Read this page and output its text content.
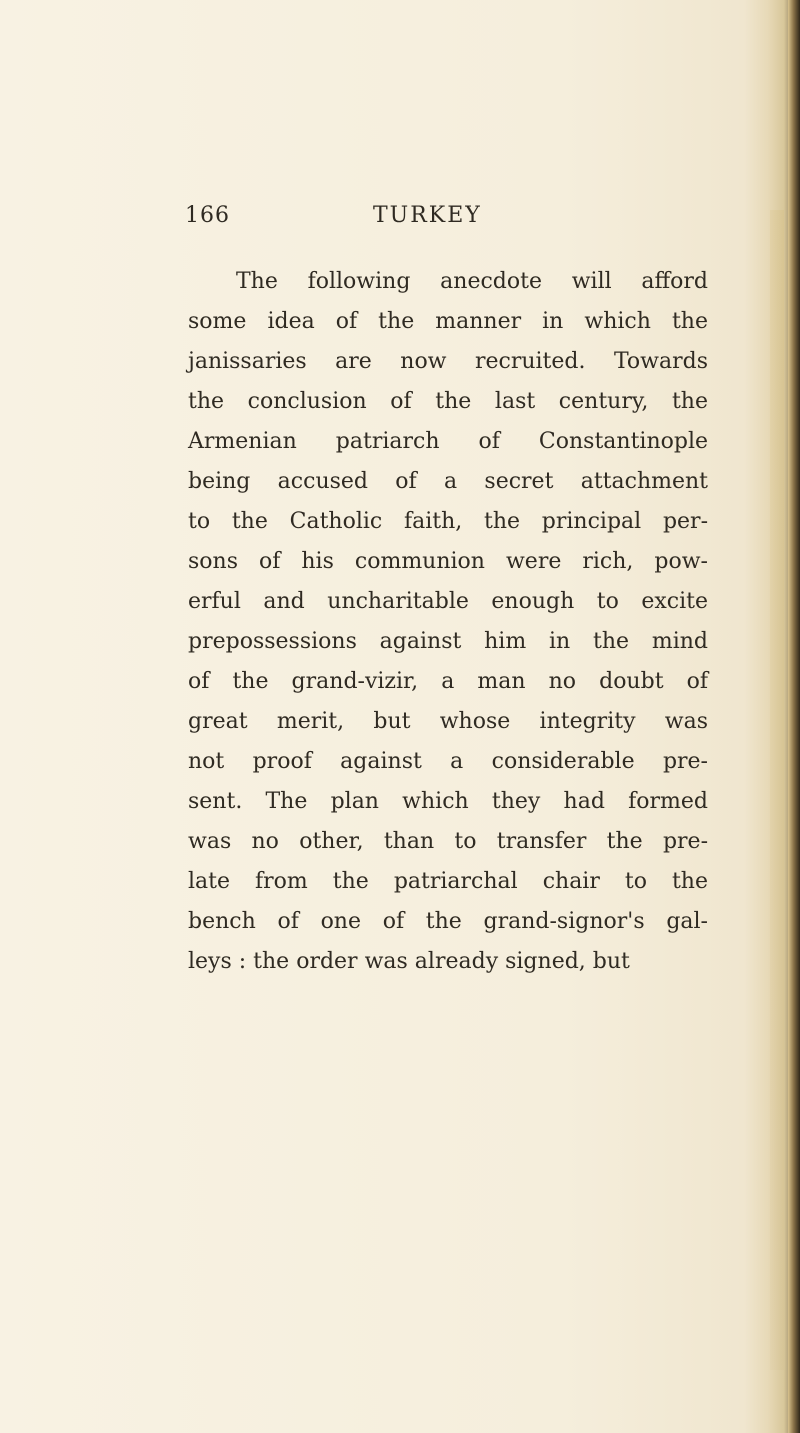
166	TURKEY
The following anecdote will afford
some idea of the manner in which the
janissaries are now recruited. Towards
the conclusion of the last century, the
Armenian patriarch of Constantinople
being accused of a secret attachment
to the Catholic faith, the principal per-
sons of his communion were rich, pow-
erful and uncharitable enough to excite
prepossessions against him in the mind
of the grand-vizir, a man no doubt of
great merit, but whose integrity was
not proof against a considerable pre-
sent. The plan which they had formed
was no other, than to transfer the pre-
late from the patriarchal chair to the
bench of one of the grand-signor's gal-
leys : the order was already signed, but
